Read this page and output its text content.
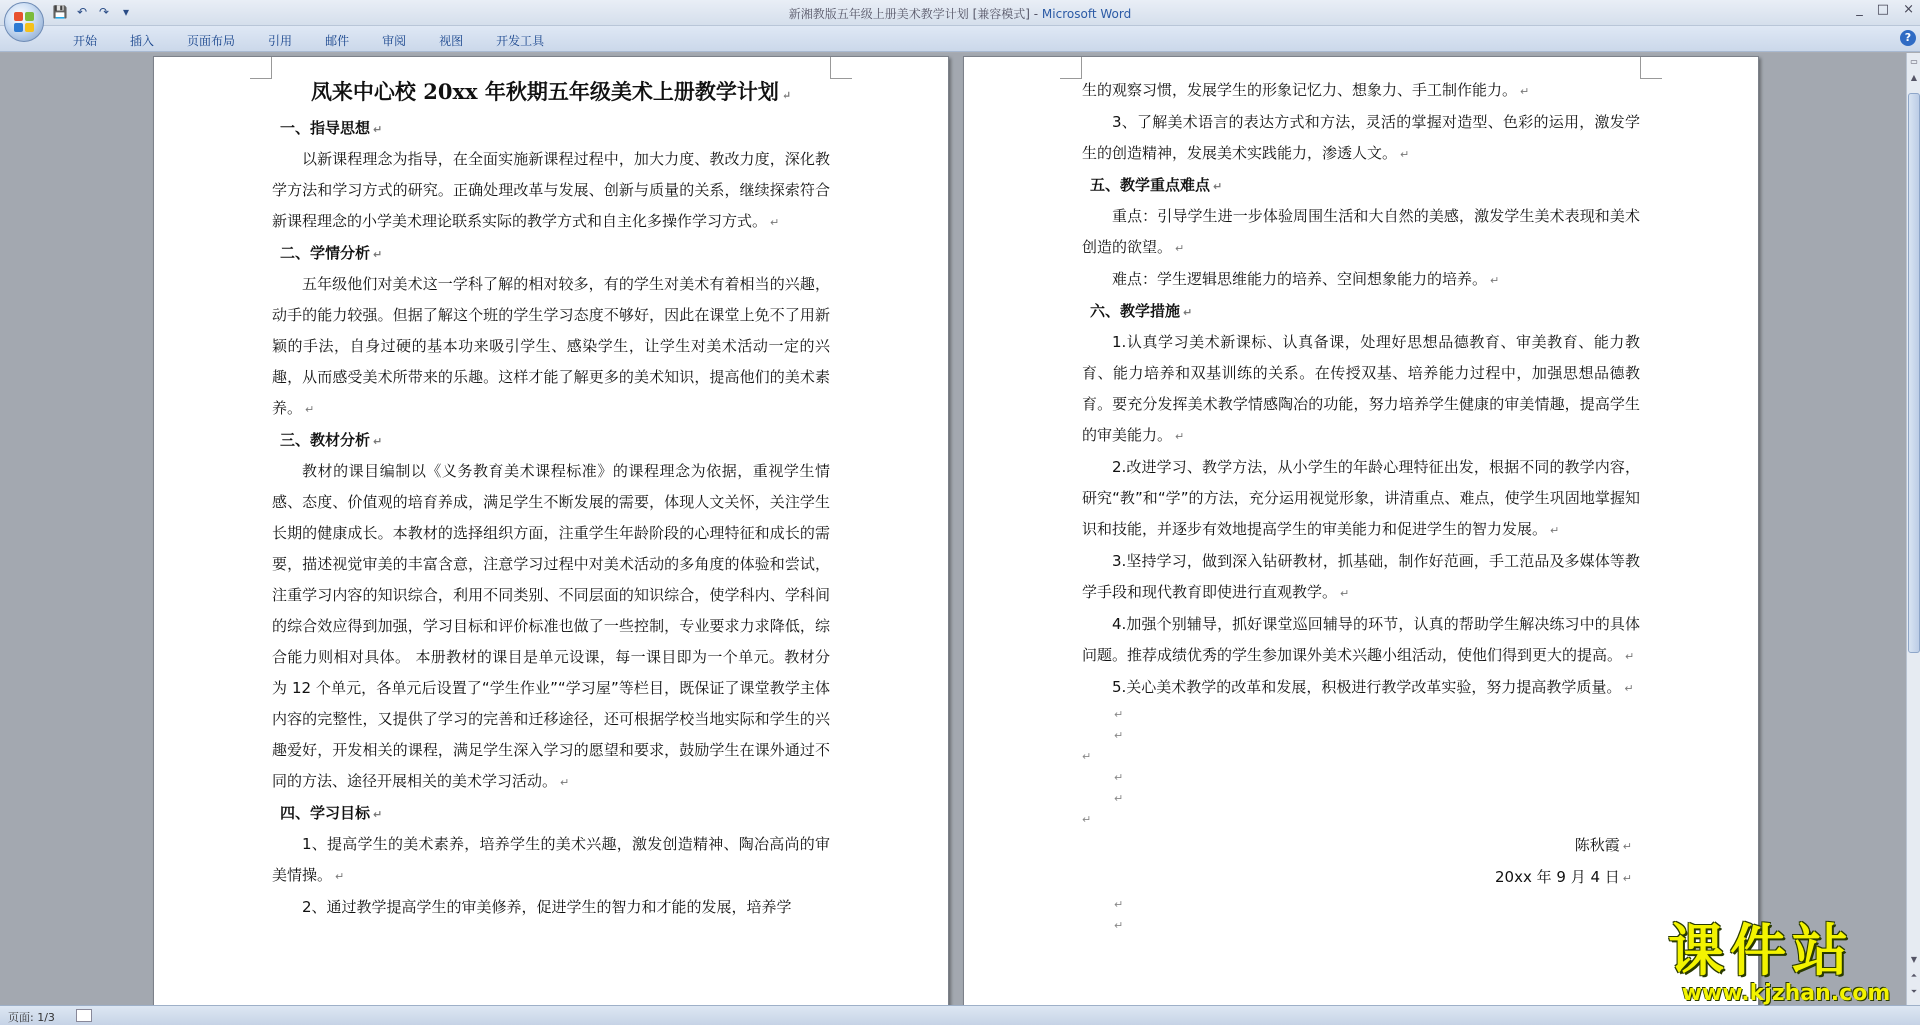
💾 ↶ ↷	▾	新湘教版五年级上册美术教学计划 [兼容模式] - Microsoft Word	_ □ ×
开始	插入	页面布局	引用	邮件	审阅	视图	开发工具	?
凤来中心校 20xx 年秋期五年级美术上册教学计划 ↵
一、指导思想 ↵
以新课程理念为指导，在全面实施新课程过程中，加大力度、教改力度，深化教学方法和学习方式的研究。正确处理改革与发展、创新与质量的关系，继续探索符合新课程理念的小学美术理论联系实际的教学方式和自主化多操作学习方式。 ↵
二、学情分析 ↵
五年级他们对美术这一学科了解的相对较多，有的学生对美术有着相当的兴趣，动手的能力较强。但据了解这个班的学生学习态度不够好，因此在课堂上免不了用新颖的手法，自身过硬的基本功来吸引学生、感染学生，让学生对美术活动一定的兴趣，从而感受美术所带来的乐趣。这样才能了解更多的美术知识，提高他们的美术素养。 ↵
三、教材分析 ↵
教材的课目编制以《义务教育美术课程标准》的课程理念为依据，重视学生情感、态度、价值观的培育养成，满足学生不断发展的需要，体现人文关怀，关注学生长期的健康成长。本教材的选择组织方面，注重学生年龄阶段的心理特征和成长的需要，描述视觉审美的丰富含意，注意学习过程中对美术活动的多角度的体验和尝试，注重学习内容的知识综合，利用不同类别、不同层面的知识综合，使学科内、学科间的综合效应得到加强，学习目标和评价标准也做了一些控制，专业要求力求降低，综合能力则相对具体。 本册教材的课目是单元设课，每一课目即为一个单元。教材分为 12 个单元，各单元后设置了“学生作业”“学习屋”等栏目，既保证了课堂教学主体内容的完整性，又提供了学习的完善和迁移途径，还可根据学校当地实际和学生的兴趣爱好，开发相关的课程，满足学生深入学习的愿望和要求，鼓励学生在课外通过不同的方法、途径开展相关的美术学习活动。 ↵
四、学习目标 ↵
1、提高学生的美术素养，培养学生的美术兴趣，激发创造精神、陶冶高尚的审美情操。 ↵
2、通过教学提高学生的审美修养，促进学生的智力和才能的发展，培养学
生的观察习惯，发展学生的形象记忆力、想象力、手工制作能力。 ↵
3、了解美术语言的表达方式和方法，灵活的掌握对造型、色彩的运用，激发学生的创造精神，发展美术实践能力，渗透人文。 ↵
五、教学重点难点 ↵
重点：引导学生进一步体验周围生活和大自然的美感，激发学生美术表现和美术创造的欲望。 ↵
难点：学生逻辑思维能力的培养、空间想象能力的培养。 ↵
六、教学措施 ↵
1.认真学习美术新课标、认真备课，处理好思想品德教育、审美教育、能力教育、能力培养和双基训练的关系。在传授双基、培养能力过程中，加强思想品德教育。要充分发挥美术教学情感陶冶的功能，努力培养学生健康的审美情趣，提高学生的审美能力。 ↵
2.改进学习、教学方法，从小学生的年龄心理特征出发，根据不同的教学内容，研究“教”和“学”的方法，充分运用视觉形象，讲清重点、难点，使学生巩固地掌握知识和技能，并逐步有效地提高学生的审美能力和促进学生的智力发展。 ↵
3.坚持学习，做到深入钻研教材，抓基础，制作好范画，手工范品及多媒体等教学手段和现代教育即使进行直观教学。 ↵
4.加强个别辅导，抓好课堂巡回辅导的环节，认真的帮助学生解决练习中的具体问题。推荐成绩优秀的学生参加课外美术兴趣小组活动，使他们得到更大的提高。 ↵
5.关心美术教学的改革和发展，积极进行教学改革实验，努力提高教学质量。 ↵
↵
↵
↵
↵
↵
↵
陈秋霞 ↵
20xx 年 9 月 4 日 ↵
↵
↵
▭
▲
▼
⏶
⏷
页面: 1/3
课件站
www.kjzhan.com
